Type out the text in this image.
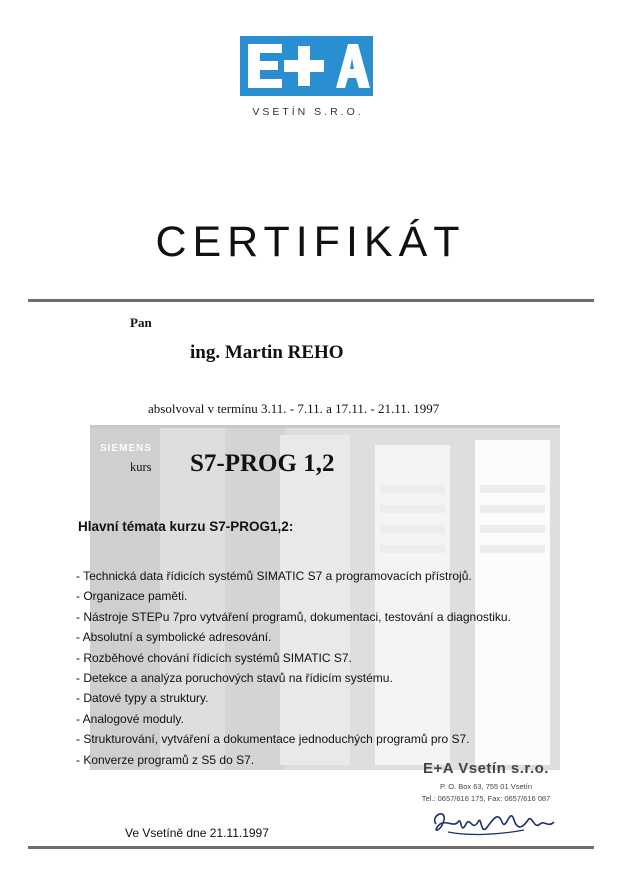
VSETÍN S.R.O.
CERTIFIKÁT
SIEMENS
Pan
ing. Martin REHO
absolvoval v termínu 3.11. - 7.11. a 17.11. - 21.11. 1997
kurs S7-PROG 1,2
Hlavní témata kurzu S7-PROG1,2:
- Technická data řídicích systémů SIMATIC S7 a programovacích přístrojů.
- Organizace paměti.
- Nástroje STEPu 7pro vytváření programů, dokumentaci, testování a diagnostiku.
- Absolutní a symbolické adresování.
- Rozběhové chování řídicích systémů SIMATIC S7.
- Detekce a analýza poruchových stavů na řídicím systému.
- Datové typy a struktury.
- Analogové moduly.
- Strukturování, vytváření a dokumentace jednoduchých programů pro S7.
- Konverze programů z S5 do S7.
E+A Vsetín s.r.o.
P. O. Box 63, 755 01 Vsetín
Tel.: 0657/616 175, Fax: 0657/616 087
Ve Vsetíně dne 21.11.1997
